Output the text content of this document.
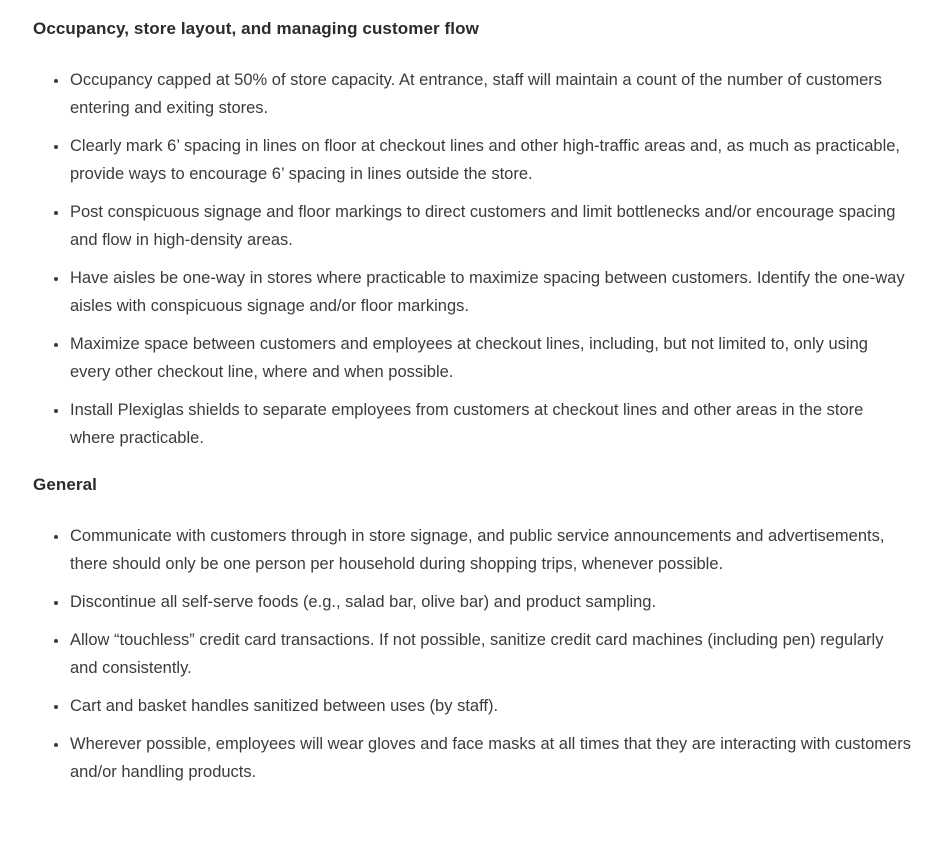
Occupancy, store layout, and managing customer flow
• Occupancy capped at 50% of store capacity. At entrance, staff will maintain a count of the number of customers entering and exiting stores.
• Clearly mark 6’ spacing in lines on floor at checkout lines and other high-traffic areas and, as much as practicable, provide ways to encourage 6’ spacing in lines outside the store.
• Post conspicuous signage and floor markings to direct customers and limit bottlenecks and/or encourage spacing and flow in high-density areas.
• Have aisles be one-way in stores where practicable to maximize spacing between customers. Identify the one-way aisles with conspicuous signage and/or floor markings.
• Maximize space between customers and employees at checkout lines, including, but not limited to, only using every other checkout line, where and when possible.
• Install Plexiglas shields to separate employees from customers at checkout lines and other areas in the store where practicable.
General
• Communicate with customers through in store signage, and public service announcements and advertisements, there should only be one person per household during shopping trips, whenever possible.
• Discontinue all self-serve foods (e.g., salad bar, olive bar) and product sampling.
• Allow “touchless” credit card transactions. If not possible, sanitize credit card machines (including pen) regularly and consistently.
• Cart and basket handles sanitized between uses (by staff).
• Wherever possible, employees will wear gloves and face masks at all times that they are interacting with customers and/or handling products.
